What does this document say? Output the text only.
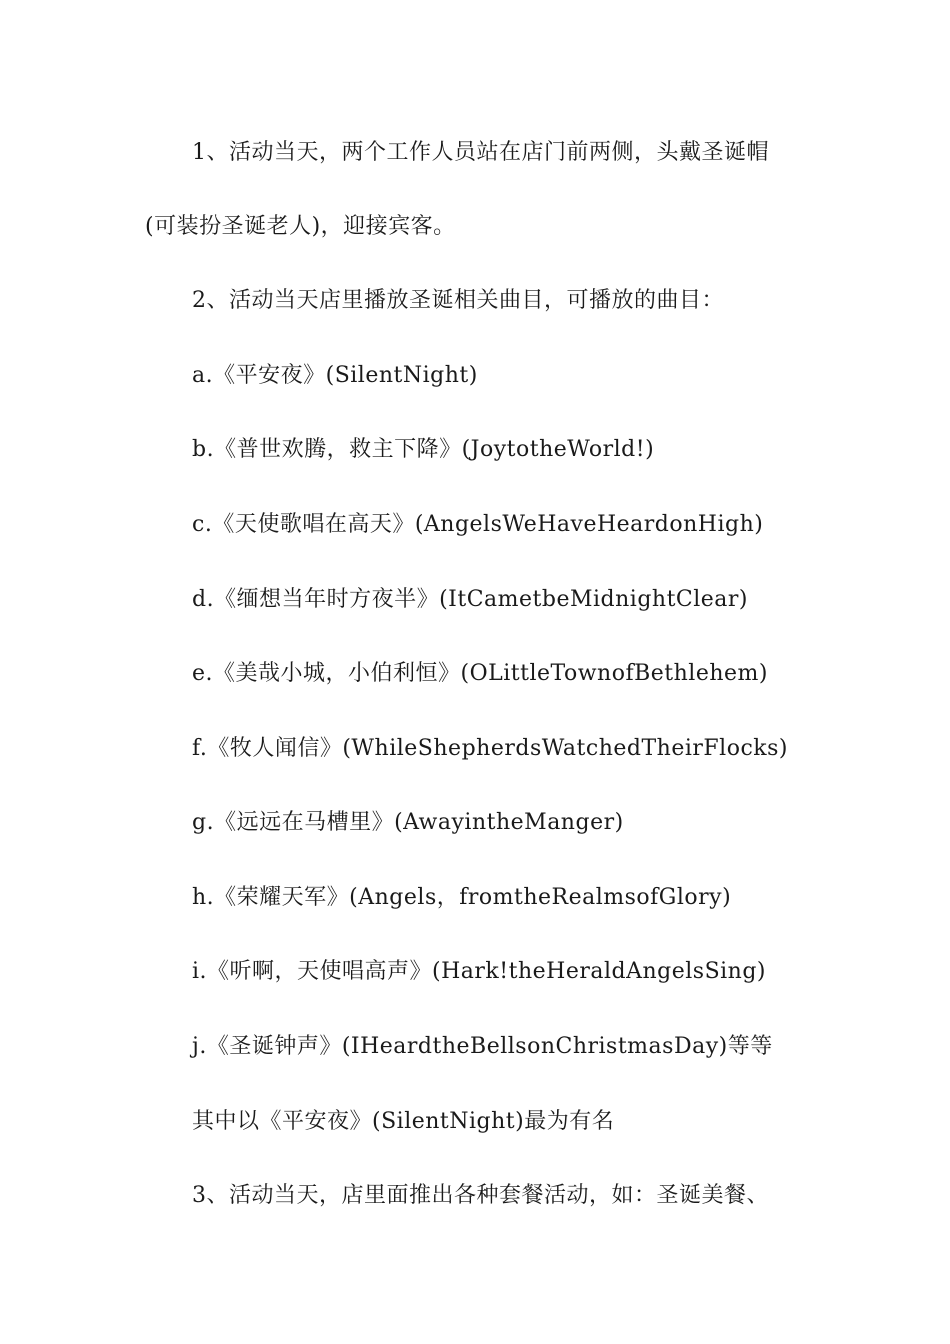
1、活动当天，两个工作人员站在店门前两侧，头戴圣诞帽
(可装扮圣诞老人)，迎接宾客。
2、活动当天店里播放圣诞相关曲目，可播放的曲目：
a.《平安夜》(SilentNight)
b.《普世欢腾，救主下降》(JoytotheWorld!)
c.《天使歌唱在高天》(AngelsWeHaveHeardonHigh)
d.《缅想当年时方夜半》(ItCametbeMidnightClear)
e.《美哉小城，小伯利恒》(OLittleTownofBethlehem)
f.《牧人闻信》(WhileShepherdsWatchedTheirFlocks)
g.《远远在马槽里》(AwayintheManger)
h.《荣耀天军》(Angels，fromtheRealmsofGlory)
i.《听啊，天使唱高声》(Hark!theHeraldAngelsSing)
j.《圣诞钟声》(IHeardtheBellsonChristmasDay)等等
其中以《平安夜》(SilentNight)最为有名
3、活动当天，店里面推出各种套餐活动，如：圣诞美餐、
